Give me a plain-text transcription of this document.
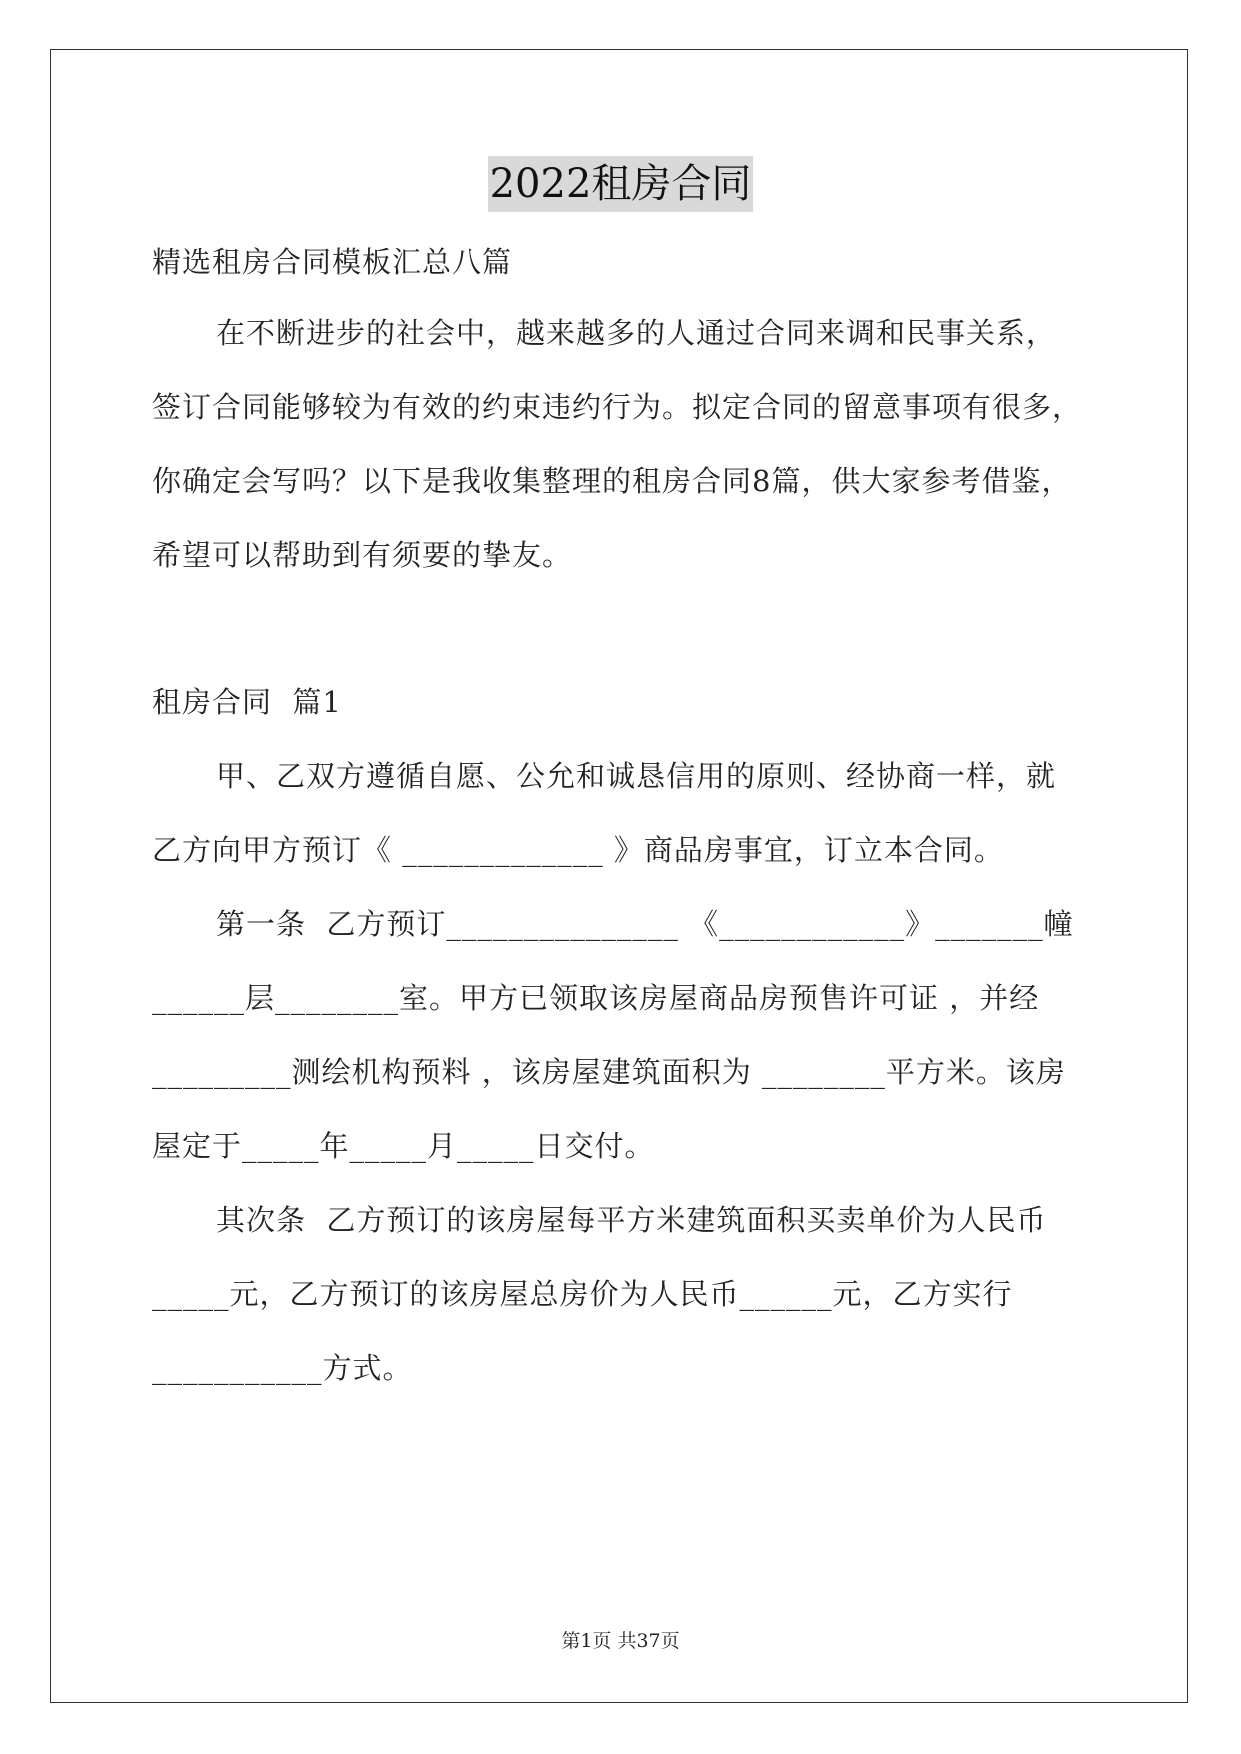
2022租房合同
精选租房合同模板汇总八篇
在不断进步的社会中，越来越多的人通过合同来调和民事关系，
签订合同能够较为有效的约束违约行为。拟定合同的留意事项有很多，
你确定会写吗？以下是我收集整理的租房合同8篇，供大家参考借鉴，
希望可以帮助到有须要的挚友。
租房合同  篇1
甲、乙双方遵循自愿、公允和诚恳信用的原则、经协商一样，就
乙方向甲方预订《 _____________ 》商品房事宜，订立本合同。
第一条  乙方预订_______________ 《____________》_______幢
______层________室。甲方已领取该房屋商品房预售许可证 ，并经
_________测绘机构预料 ，该房屋建筑面积为 ________平方米。该房
屋定于_____年_____月_____日交付。
其次条  乙方预订的该房屋每平方米建筑面积买卖单价为人民币
_____元，乙方预订的该房屋总房价为人民币______元，乙方实行
___________方式。
第1页 共37页
